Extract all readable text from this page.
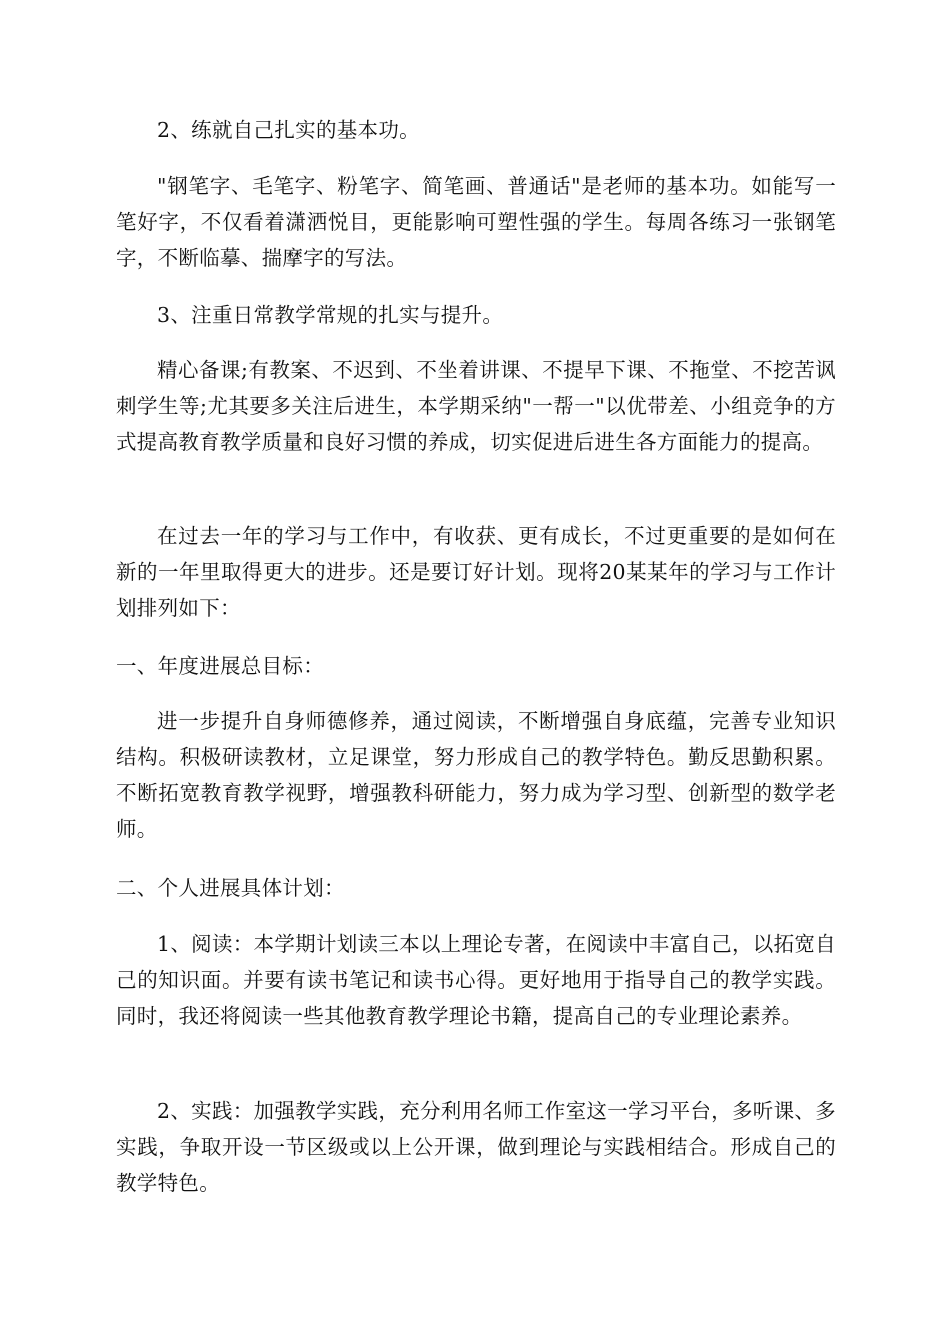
2、练就自己扎实的基本功。

"钢笔字、毛笔字、粉笔字、简笔画、普通话"是老师的基本功。如能写一笔好字，不仅看着潇洒悦目，更能影响可塑性强的学生。每周各练习一张钢笔字，不断临摹、揣摩字的写法。

3、注重日常教学常规的扎实与提升。

精心备课;有教案、不迟到、不坐着讲课、不提早下课、不拖堂、不挖苦讽刺学生等;尤其要多关注后进生，本学期采纳"一帮一"以优带差、小组竞争的方式提高教育教学质量和良好习惯的养成，切实促进后进生各方面能力的提高。

在过去一年的学习与工作中，有收获、更有成长，不过更重要的是如何在新的一年里取得更大的进步。还是要订好计划。现将20某某年的学习与工作计划排列如下：

一、年度进展总目标：

进一步提升自身师德修养，通过阅读，不断增强自身底蕴，完善专业知识结构。积极研读教材，立足课堂，努力形成自己的教学特色。勤反思勤积累。不断拓宽教育教学视野，增强教科研能力，努力成为学习型、创新型的数学老师。

二、个人进展具体计划：

1、阅读：本学期计划读三本以上理论专著，在阅读中丰富自己，以拓宽自己的知识面。并要有读书笔记和读书心得。更好地用于指导自己的教学实践。同时，我还将阅读一些其他教育教学理论书籍，提高自己的专业理论素养。

2、实践：加强教学实践，充分利用名师工作室这一学习平台，多听课、多实践，争取开设一节区级或以上公开课，做到理论与实践相结合。形成自己的教学特色。
